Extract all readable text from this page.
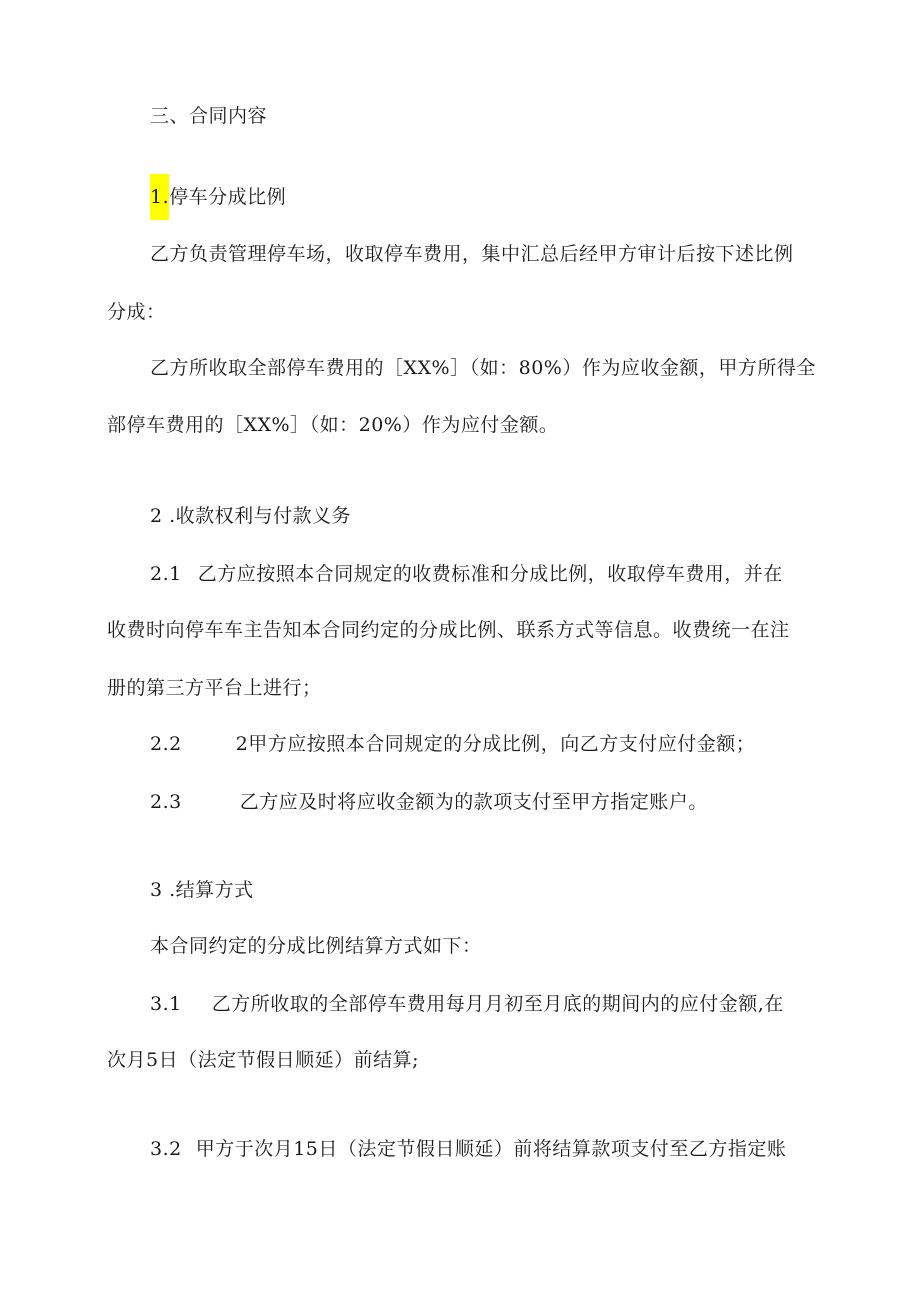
三、合同内容
1.停车分成比例
乙方负责管理停车场，收取停车费用，集中汇总后经甲方审计后按下述比例
分成：
乙方所收取全部停车费用的［XX%］（如：80%）作为应收金额，甲方所得全
部停车费用的［XX%］（如：20%）作为应付金额。
2 .收款权利与付款义务
2.1 乙方应按照本合同规定的收费标准和分成比例，收取停车费用，并在
收费时向停车车主告知本合同约定的分成比例、联系方式等信息。收费统一在注
册的第三方平台上进行；
2.2	2甲方应按照本合同规定的分成比例，向乙方支付应付金额；
2.3	乙方应及时将应收金额为的款项支付至甲方指定账户。
3 .结算方式
本合同约定的分成比例结算方式如下：
3.1 乙方所收取的全部停车费用每月月初至月底的期间内的应付金额,在
次月5日（法定节假日顺延）前结算;
3.2 甲方于次月15日（法定节假日顺延）前将结算款项支付至乙方指定账
